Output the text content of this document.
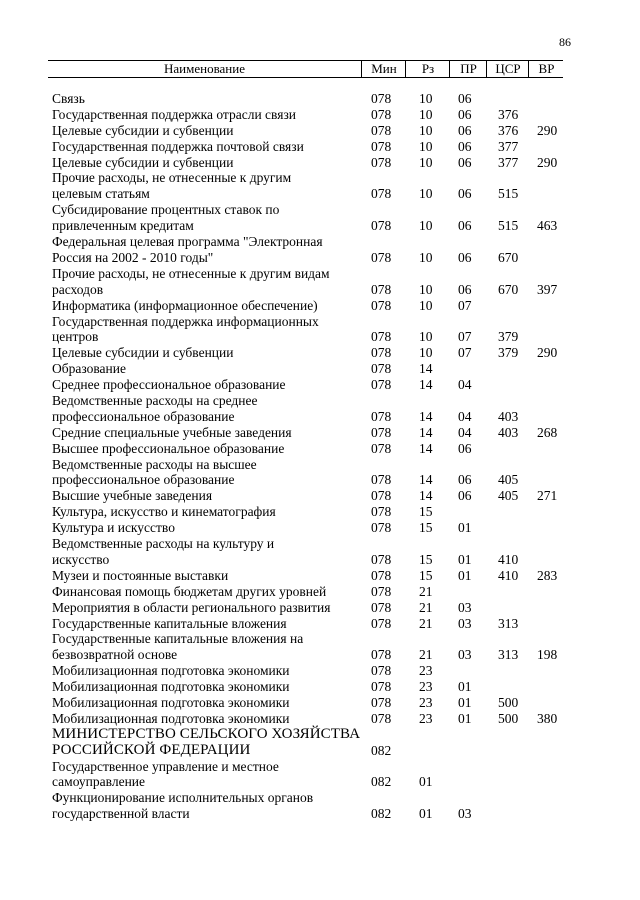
86
Наименование	Мин	Рз	ПР	ЦСР	ВР
Связь	078 10 06
Государственная поддержка отрасли связи	078 10 06 376
Целевые субсидии и субвенции	078 10 06 376 290
Государственная поддержка почтовой связи	078 10 06 377
Целевые субсидии и субвенции	078 10 06 377 290
Прочие расходы, не отнесенные к другим
целевым статьям	078 10 06 515
Субсидирование процентных ставок по
привлеченным кредитам	078 10 06 515 463
Федеральная целевая программа "Электронная
Россия на 2002 - 2010 годы"	078 10 06 670
Прочие расходы, не отнесенные к другим видам
расходов	078 10 06 670 397
Информатика (информационное обеспечение)	078 10 07
Государственная поддержка информационных
центров	078 10 07 379
Целевые субсидии и субвенции	078 10 07 379 290
Образование	078 14
Среднее профессиональное образование	078 14 04
Ведомственные расходы на среднее
профессиональное образование	078 14 04 403
Средние специальные учебные заведения	078 14 04 403 268
Высшее профессиональное образование	078 14 06
Ведомственные расходы на высшее
профессиональное образование	078 14 06 405
Высшие учебные заведения	078 14 06 405 271
Культура, искусство и кинематография	078 15
Культура и искусство	078 15 01
Ведомственные расходы на культуру и
искусство	078 15 01 410
Музеи и постоянные выставки	078 15 01 410 283
Финансовая помощь бюджетам других уровней	078 21
Мероприятия в области регионального развития	078 21 03
Государственные капитальные вложения	078 21 03 313
Государственные капитальные вложения на
безвозвратной основе	078 21 03 313 198
Мобилизационная подготовка экономики	078 23
Мобилизационная подготовка экономики	078 23 01
Мобилизационная подготовка экономики	078 23 01 500
Мобилизационная подготовка экономики	078 23 01 500 380
МИНИСТЕРСТВО СЕЛЬСКОГО ХОЗЯЙСТВА
РОССИЙСКОЙ ФЕДЕРАЦИИ	082
Государственное управление и местное
самоуправление	082 01
Функционирование исполнительных органов
государственной власти	082 01 03
